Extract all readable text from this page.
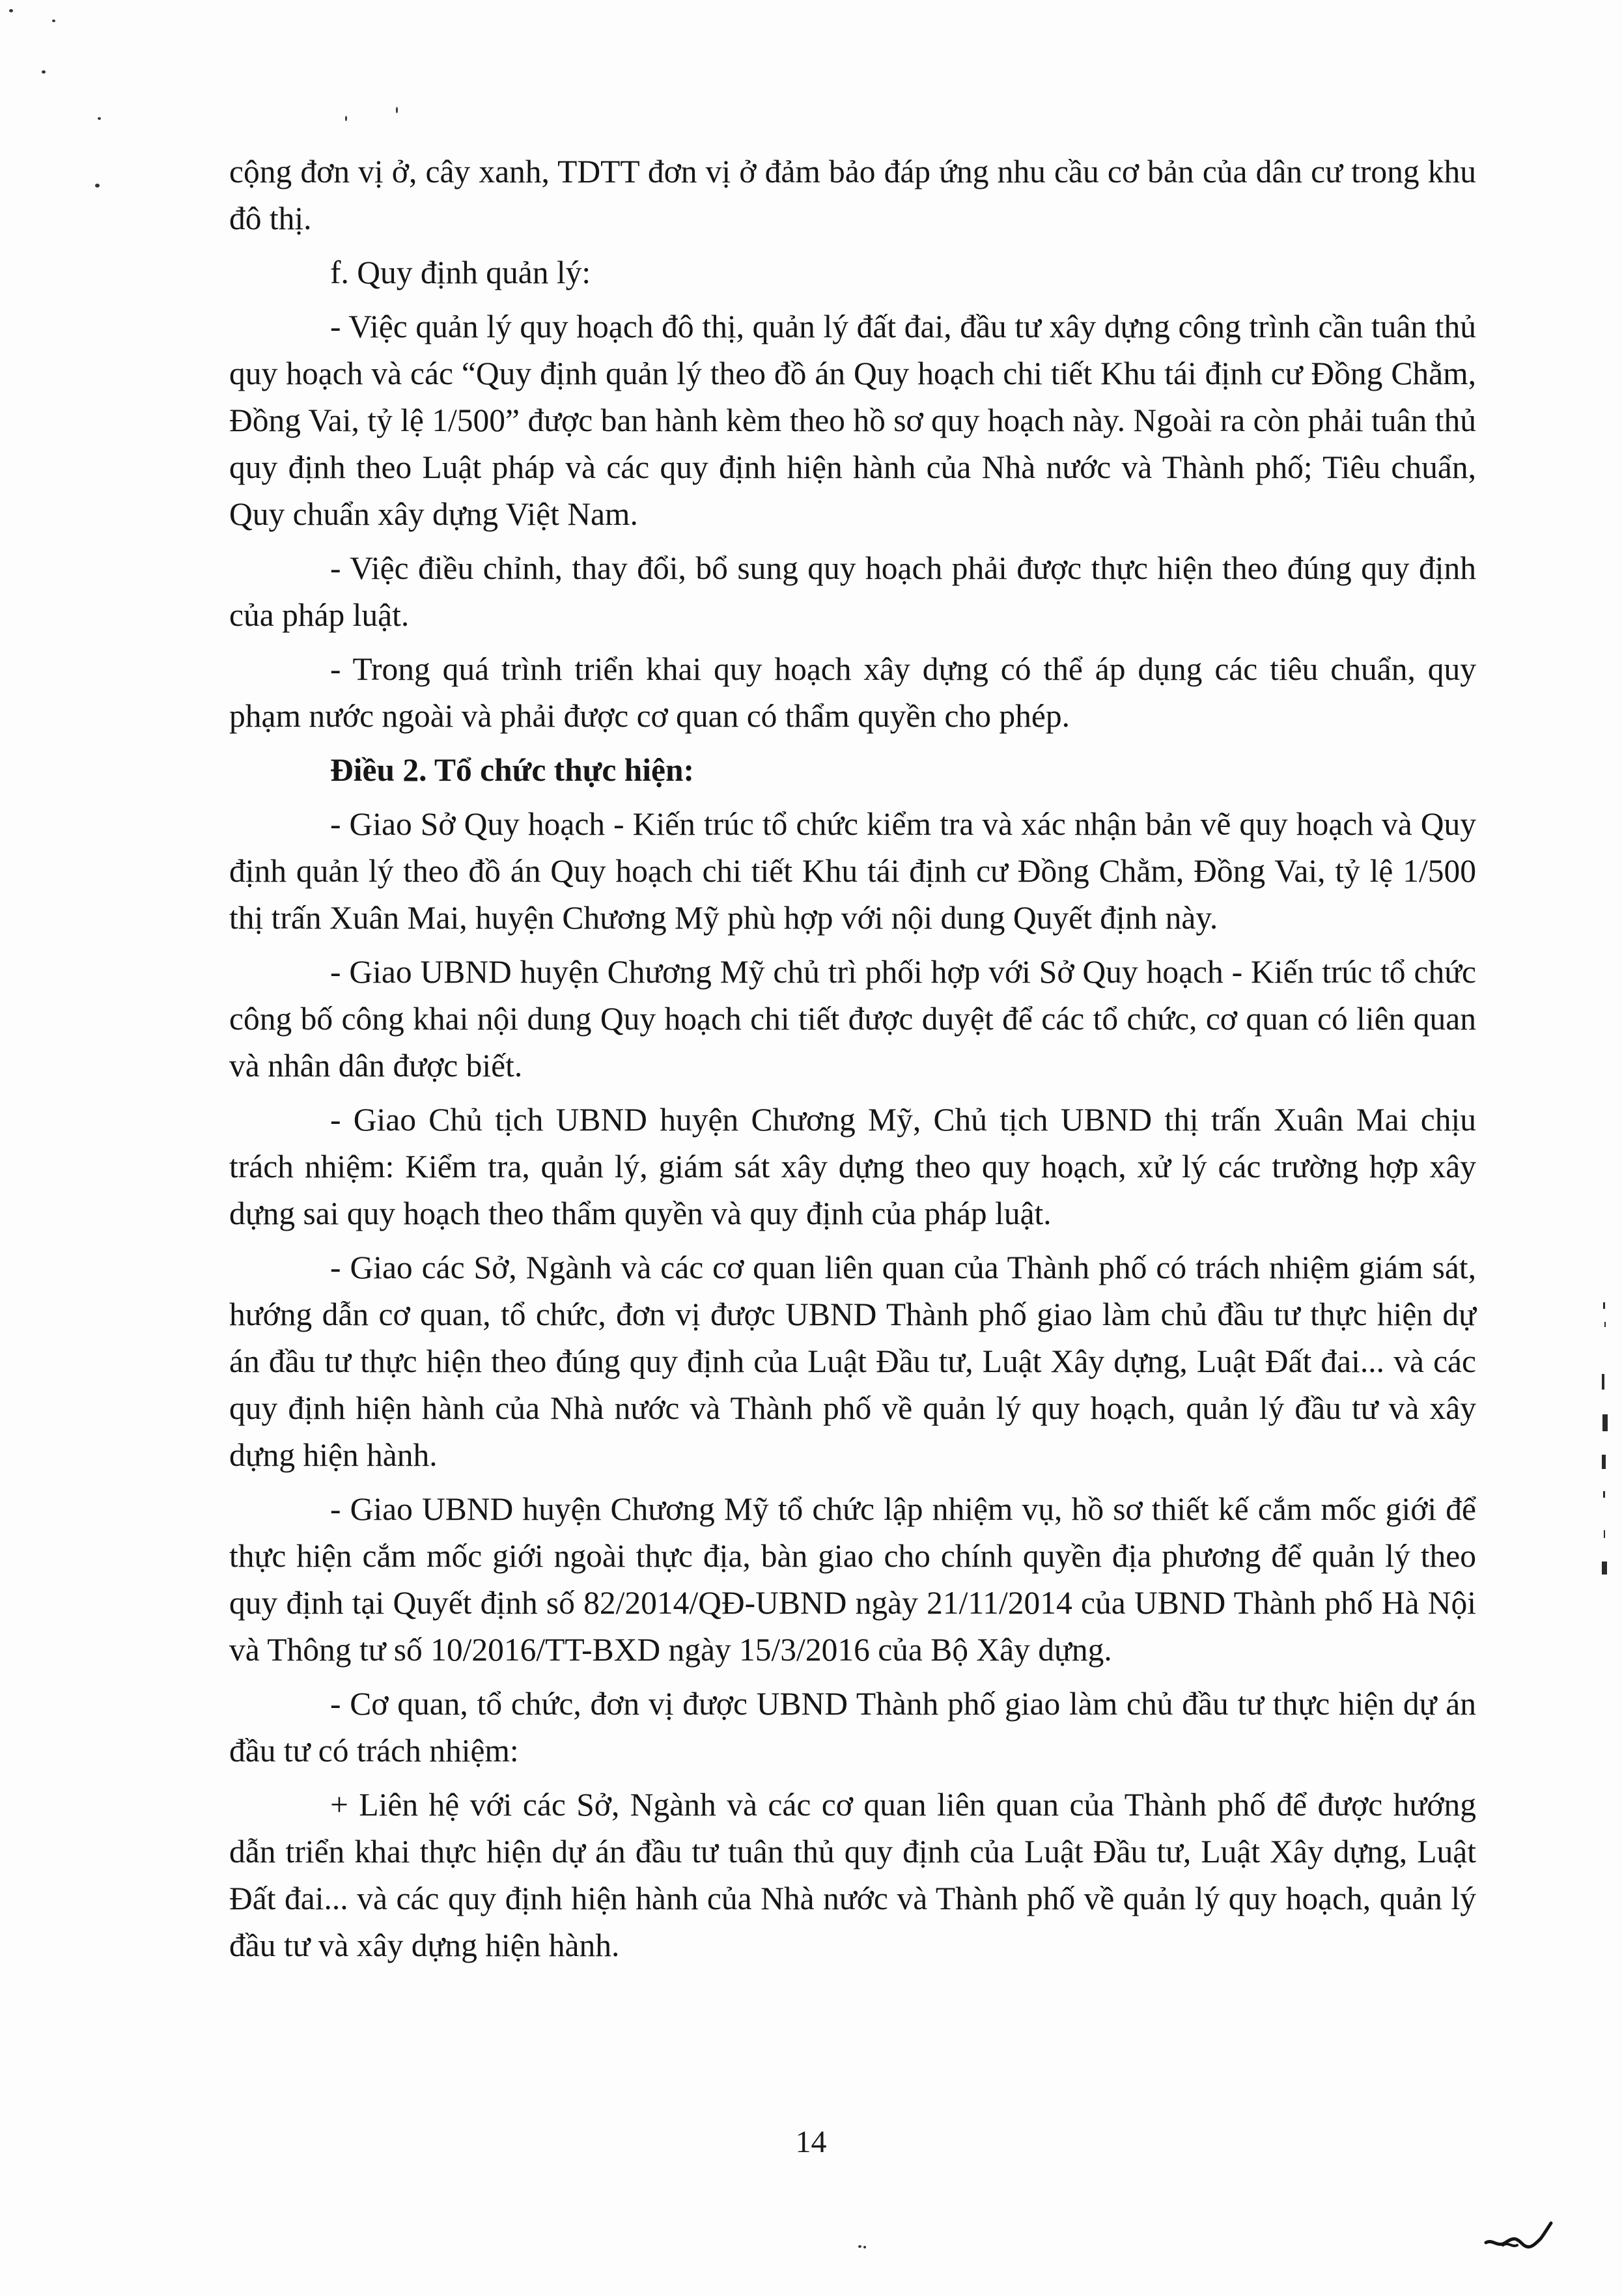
cộng đơn vị ở, cây xanh, TDTT đơn vị ở đảm bảo đáp ứng nhu cầu cơ bản của dân cư trong khu đô thị.

f. Quy định quản lý:

- Việc quản lý quy hoạch đô thị, quản lý đất đai, đầu tư xây dựng công trình cần tuân thủ quy hoạch và các “Quy định quản lý theo đồ án Quy hoạch chi tiết Khu tái định cư Đồng Chằm, Đồng Vai, tỷ lệ 1/500” được ban hành kèm theo hồ sơ quy hoạch này. Ngoài ra còn phải tuân thủ quy định theo Luật pháp và các quy định hiện hành của Nhà nước và Thành phố; Tiêu chuẩn, Quy chuẩn xây dựng Việt Nam.

- Việc điều chỉnh, thay đổi, bổ sung quy hoạch phải được thực hiện theo đúng quy định của pháp luật.

- Trong quá trình triển khai quy hoạch xây dựng có thể áp dụng các tiêu chuẩn, quy phạm nước ngoài và phải được cơ quan có thẩm quyền cho phép.

Điều 2. Tổ chức thực hiện:

- Giao Sở Quy hoạch - Kiến trúc tổ chức kiểm tra và xác nhận bản vẽ quy hoạch và Quy định quản lý theo đồ án Quy hoạch chi tiết Khu tái định cư Đồng Chằm, Đồng Vai, tỷ lệ 1/500 thị trấn Xuân Mai, huyện Chương Mỹ phù hợp với nội dung Quyết định này.

- Giao UBND huyện Chương Mỹ chủ trì phối hợp với Sở Quy hoạch - Kiến trúc tổ chức công bố công khai nội dung Quy hoạch chi tiết được duyệt để các tổ chức, cơ quan có liên quan và nhân dân được biết.

- Giao Chủ tịch UBND huyện Chương Mỹ, Chủ tịch UBND thị trấn Xuân Mai chịu trách nhiệm: Kiểm tra, quản lý, giám sát xây dựng theo quy hoạch, xử lý các trường hợp xây dựng sai quy hoạch theo thẩm quyền và quy định của pháp luật.

- Giao các Sở, Ngành và các cơ quan liên quan của Thành phố có trách nhiệm giám sát, hướng dẫn cơ quan, tổ chức, đơn vị được UBND Thành phố giao làm chủ đầu tư thực hiện dự án đầu tư thực hiện theo đúng quy định của Luật Đầu tư, Luật Xây dựng, Luật Đất đai... và các quy định hiện hành của Nhà nước và Thành phố về quản lý quy hoạch, quản lý đầu tư và xây dựng hiện hành.

- Giao UBND huyện Chương Mỹ tổ chức lập nhiệm vụ, hồ sơ thiết kế cắm mốc giới để thực hiện cắm mốc giới ngoài thực địa, bàn giao cho chính quyền địa phương để quản lý theo quy định tại Quyết định số 82/2014/QĐ-UBND ngày 21/11/2014 của UBND Thành phố Hà Nội và Thông tư số 10/2016/TT-BXD ngày 15/3/2016 của Bộ Xây dựng.

- Cơ quan, tổ chức, đơn vị được UBND Thành phố giao làm chủ đầu tư thực hiện dự án đầu tư có trách nhiệm:

+ Liên hệ với các Sở, Ngành và các cơ quan liên quan của Thành phố để được hướng dẫn triển khai thực hiện dự án đầu tư tuân thủ quy định của Luật Đầu tư, Luật Xây dựng, Luật Đất đai... và các quy định hiện hành của Nhà nước và Thành phố về quản lý quy hoạch, quản lý đầu tư và xây dựng hiện hành.

14
